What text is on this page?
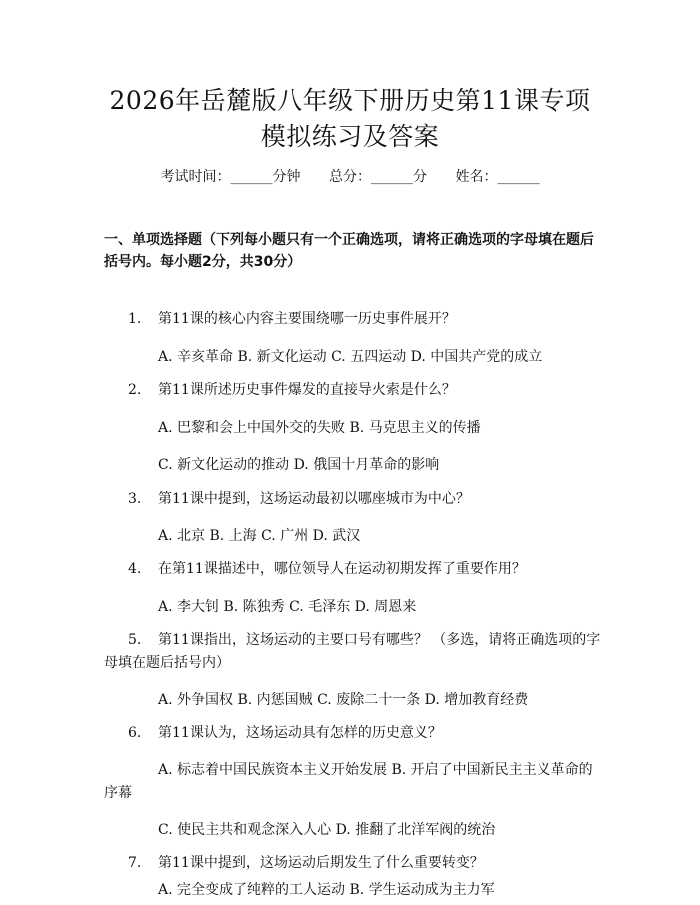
2026年岳麓版八年级下册历史第11课专项
模拟练习及答案
考试时间：______分钟 总分：______分 姓名：______
一、单项选择题（下列每小题只有一个正确选项，请将正确选项的字母填在题后
括号内。每小题2分，共30分）
1. 第11课的核心内容主要围绕哪一历史事件展开？
A. 辛亥革命 B. 新文化运动 C. 五四运动 D. 中国共产党的成立
2. 第11课所述历史事件爆发的直接导火索是什么？
A. 巴黎和会上中国外交的失败 B. 马克思主义的传播
C. 新文化运动的推动 D. 俄国十月革命的影响
3. 第11课中提到，这场运动最初以哪座城市为中心？
A. 北京 B. 上海 C. 广州 D. 武汉
4. 在第11课描述中，哪位领导人在运动初期发挥了重要作用？
A. 李大钊 B. 陈独秀 C. 毛泽东 D. 周恩来
5. 第11课指出，这场运动的主要口号有哪些？ （多选，请将正确选项的字
母填在题后括号内）
A. 外争国权 B. 内惩国贼 C. 废除二十一条 D. 增加教育经费
6. 第11课认为，这场运动具有怎样的历史意义？
A. 标志着中国民族资本主义开始发展 B. 开启了中国新民主主义革命的
序幕
C. 使民主共和观念深入人心 D. 推翻了北洋军阀的统治
7. 第11课中提到，这场运动后期发生了什么重要转变？
A. 完全变成了纯粹的工人运动 B. 学生运动成为主力军
